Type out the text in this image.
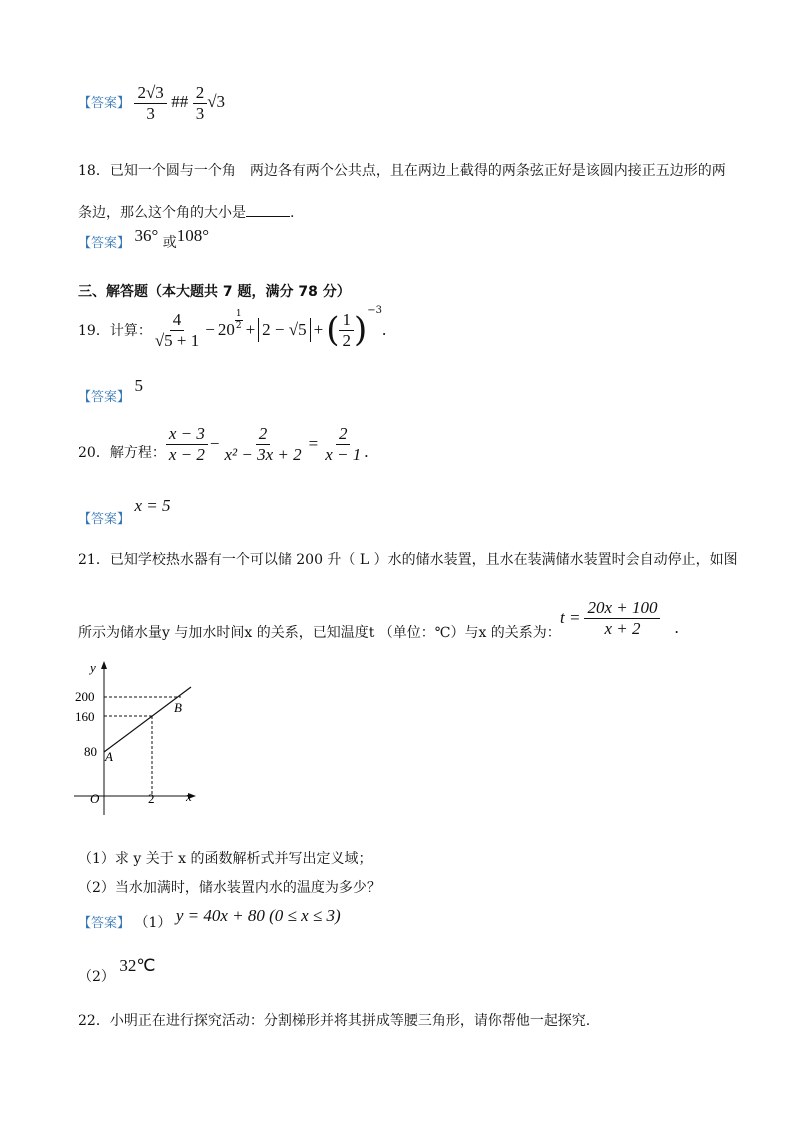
【答案】 $\frac{2√3}{3}$ ## $\frac{2}{3} √3$
18．已知一个圆与一个角　两边各有两个公共点，且在两边上截得的两条弦正好是该圆内接正五边形的两
条边，那么这个角的大小是	.
【答案】 36° 或108°
三、解答题（本大题共 7 题，满分 78 分）
19．计算： $\frac{4}{√5 + 1} - 20 \frac{1}{2} + 2 - √5$ + ( $\frac{1}{2}$ ) −3
.
【答案】 5
20．解方程： $\frac{x - 3}{x - 2} - \frac{2}{\text{x² − 3x + 2}} = \frac{2}{x - 1}$ .
【答案】 x = 5
21．已知学校热水器有一个可以储 200 升（ L ）水的储水装置，且水在装满储水装置时会自动停止，如图
所示为储水量y 与加水时间x 的关系，已知温度t （单位：℃）与x 的关系为：
$t = \frac{20x + 100}{x + 2}$ .
y
x
O
200
160
80
2
A
B
（1）求 y 关于 x 的函数解析式并写出定义域；
（2）当水加满时，储水装置内水的温度为多少？
【答案】 （1） y = 40x + 80 (0 ≤ x ≤ 3)
（2） 32℃
22．小明正在进行探究活动：分割梯形并将其拼成等腰三角形，请你帮他一起探究.
